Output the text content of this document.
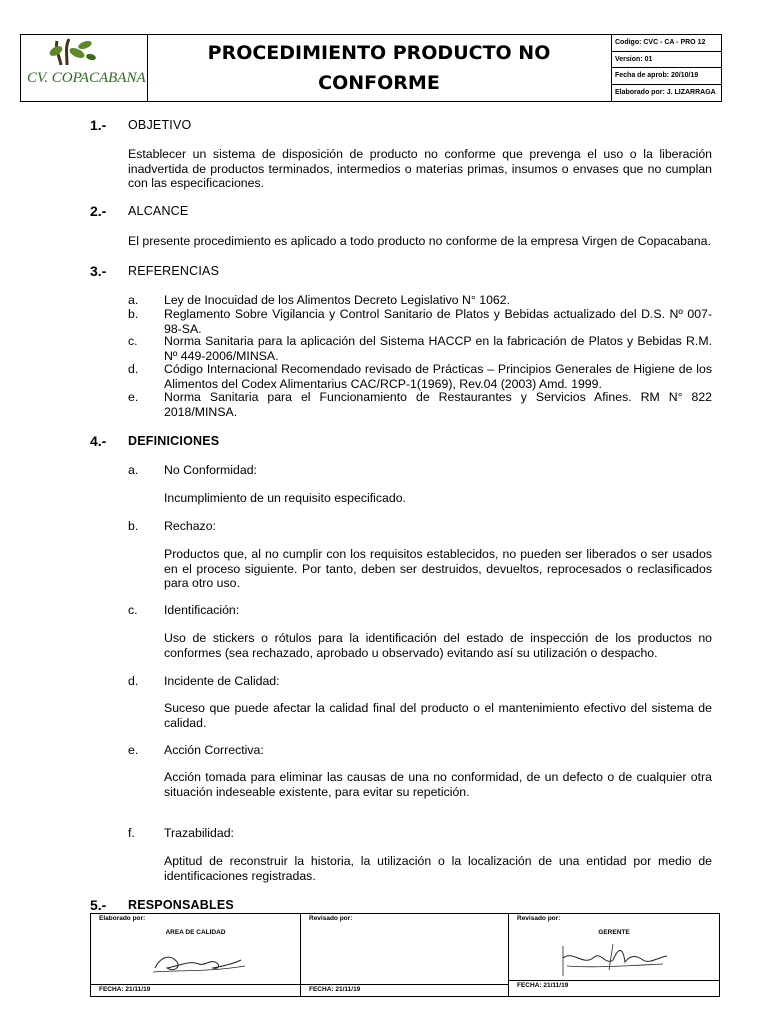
CV. COPACABANA
PROCEDIMIENTO PRODUCTO NO
CONFORME
Codigo: CVC - CA - PRO 12
Version: 01
Fecha de aprob: 20/10/19
Elaborado por: J. LIZARRAGA
1.- OBJETIVO
Establecer un sistema de disposición de producto no conforme que prevenga el uso o la liberación inadvertida de productos terminados, intermedios o materias primas, insumos o envases que no cumplan con las especificaciones.
2.- ALCANCE
El presente procedimiento es aplicado a todo producto no conforme de la empresa Virgen de Copacabana.
3.- REFERENCIAS
a. Ley de Inocuidad de los Alimentos Decreto Legislativo N° 1062.
b. Reglamento Sobre Vigilancia y Control Sanitario de Platos y Bebidas actualizado del D.S. Nº 007-98-SA.
c. Norma Sanitaria para la aplicación del Sistema HACCP en la fabricación de Platos y Bebidas R.M. Nº 449-2006/MINSA.
d. Código Internacional Recomendado revisado de Prácticas – Principios Generales de Higiene de los Alimentos del Codex Alimentarius CAC/RCP-1(1969), Rev.04 (2003) Amd. 1999.
e. Norma Sanitaria para el Funcionamiento de Restaurantes y Servicios Afines. RM N° 822 2018/MINSA.
4.- DEFINICIONES
a. No Conformidad:
Incumplimiento de un requisito especificado.
b. Rechazo:
Productos que, al no cumplir con los requisitos establecidos, no pueden ser liberados o ser usados en el proceso siguiente. Por tanto, deben ser destruidos, devueltos, reprocesados o reclasificados para otro uso.
c. Identificación:
Uso de stickers o rótulos para la identificación del estado de inspección de los productos no conformes (sea rechazado, aprobado u observado) evitando así su utilización o despacho.
d. Incidente de Calidad:
Suceso que puede afectar la calidad final del producto o el mantenimiento efectivo del sistema de calidad.
e. Acción Correctiva:
Acción tomada para eliminar las causas de una no conformidad, de un defecto o de cualquier otra situación indeseable existente, para evitar su repetición.
f. Trazabilidad:
Aptitud de reconstruir la historia, la utilización o la localización de una entidad por medio de identificaciones registradas.
5.- RESPONSABLES
Elaborado por:
AREA DE CALIDAD
FECHA: 21/11/19
Revisado por:
FECHA: 21/11/19
Revisado por:
GERENTE
FECHA: 21/11/19
